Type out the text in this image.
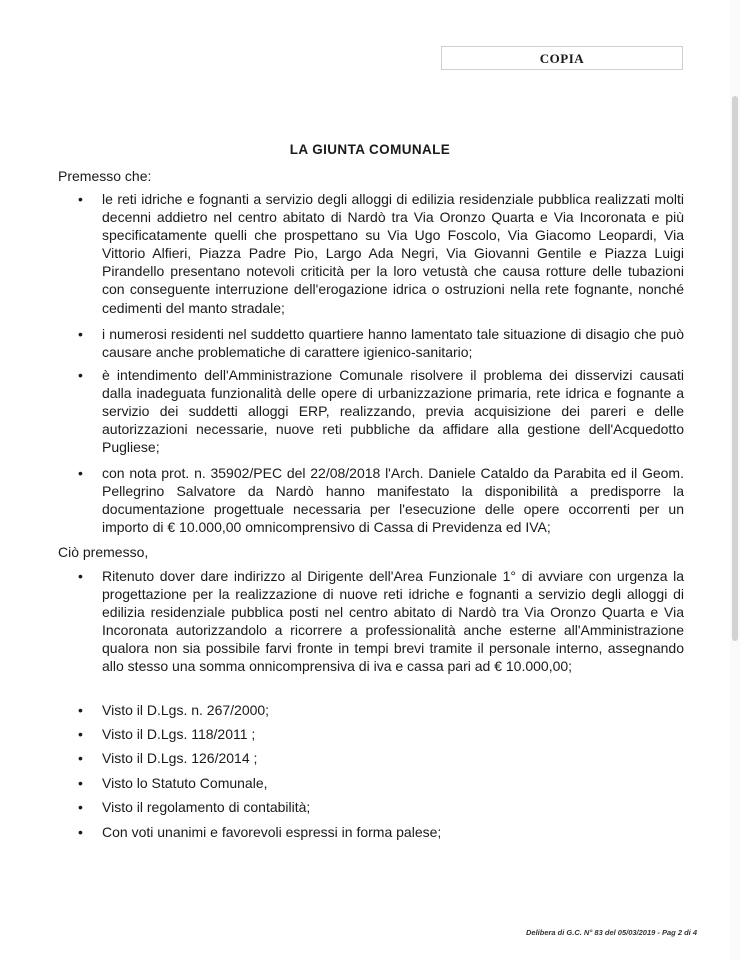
COPIA
LA GIUNTA COMUNALE
Premesso che:
• le reti idriche e fognanti a servizio degli alloggi di edilizia residenziale pubblica realizzati molti decenni addietro nel centro abitato di Nardò tra Via Oronzo Quarta e Via Incoronata e più specificatamente quelli che prospettano su Via Ugo Foscolo, Via Giacomo Leopardi, Via Vittorio Alfieri, Piazza Padre Pio, Largo Ada Negri, Via Giovanni Gentile e Piazza Luigi Pirandello presentano notevoli criticità per la loro vetustà che causa rotture delle tubazioni con conseguente interruzione dell'erogazione idrica o ostruzioni nella rete fognante, nonché cedimenti del manto stradale;
• i numerosi residenti nel suddetto quartiere hanno lamentato tale situazione di disagio che può causare anche problematiche di carattere igienico-sanitario;
• è intendimento dell'Amministrazione Comunale risolvere il problema dei disservizi causati dalla inadeguata funzionalità delle opere di urbanizzazione primaria, rete idrica e fognante a servizio dei suddetti alloggi ERP, realizzando, previa acquisizione dei pareri e delle autorizzazioni necessarie, nuove reti pubbliche da affidare alla gestione dell'Acquedotto Pugliese;
• con nota prot. n. 35902/PEC del 22/08/2018 l'Arch. Daniele Cataldo da Parabita ed il Geom. Pellegrino Salvatore da Nardò hanno manifestato la disponibilità a predisporre la documentazione progettuale necessaria per l'esecuzione delle opere occorrenti per un importo di € 10.000,00 omnicomprensivo di Cassa di Previdenza ed IVA;
Ciò premesso,
• Ritenuto dover dare indirizzo al Dirigente dell'Area Funzionale 1° di avviare con urgenza la progettazione per la realizzazione di nuove reti idriche e fognanti a servizio degli alloggi di edilizia residenziale pubblica posti nel centro abitato di Nardò tra Via Oronzo Quarta e Via Incoronata autorizzandolo a ricorrere a professionalità anche esterne all'Amministrazione qualora non sia possibile farvi fronte in tempi brevi tramite il personale interno, assegnando allo stesso una somma onnicomprensiva di iva e cassa pari ad € 10.000,00;
• Visto il D.Lgs. n. 267/2000;
• Visto il D.Lgs. 118/2011 ;
• Visto il D.Lgs. 126/2014 ;
• Visto lo Statuto Comunale,
• Visto il regolamento di contabilità;
• Con voti unanimi e favorevoli espressi in forma palese;
Delibera di G.C. N° 83 del 05/03/2019 - Pag 2 di 4
